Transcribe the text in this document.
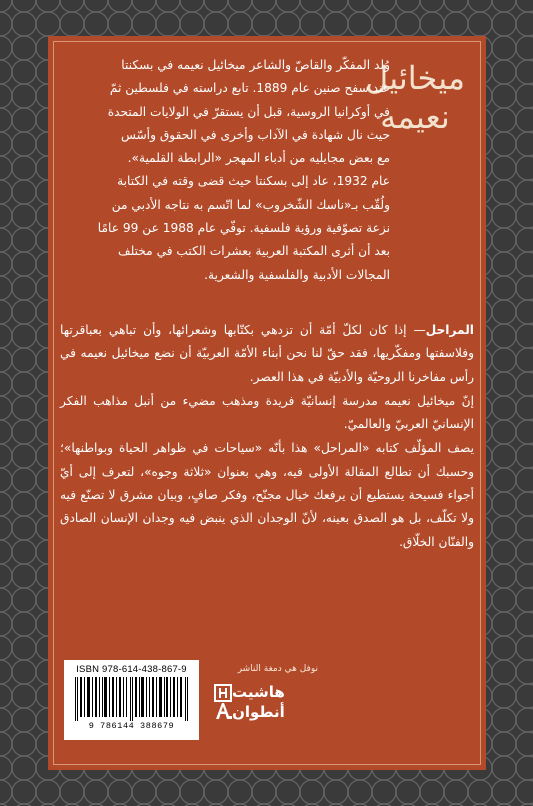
ميخائيل
نعيمه

وُلد المفكّر والقاصّ والشاعر ميخائيل نعيمه في بسكنتا

عند سفح صنين عام 1889. تابع دراسته في فلسطين ثمّ

في أوكرانيا الروسية، قبل أن يستقرّ في الولايات المتحدة

حيث نال شهادة في الآداب وأخرى في الحقوق وأسّس

مع بعض مجايليه من أدباء المهجر «الرابطة القلمية».

عام 1932، عاد إلى بسكنتا حيث قضى وقته في الكتابة

ولُقّب بـ«ناسك الشّخروب» لما اتّسم به نتاجه الأدبي من

نزعة تصوّفية ورؤية فلسفية. توفّي عام 1988 عن 99 عامًا

بعد أن أثرى المكتبة العربية بعشرات الكتب في مختلف

المجالات الأدبية والفلسفية والشعرية.

المراحل— إذا كان لكلّ أمّة أن تزدهي بكتّابها وشعرائها، وأن تباهي بعباقرتها وفلاسفتها ومفكّريها، فقد حقّ لنا نحن أبناء الأمّة العربيّة أن نضع ميخائيل نعيمه في رأس مفاخرنا الروحيّة والأدبيّة في هذا العصر.

إنّ ميخائيل نعيمه مدرسة إنسانيّة فريدة ومذهب مضيء من أنبل مذاهب الفكر الإنسانيّ العربيّ والعالميّ.

يصف المؤلّف كتابه «المراحل» هذا بأنّه «سياحات في ظواهر الحياة وبواطنها»؛ وحسبك أن تطالع المقالة الأولى فيه، وهي بعنوان «ثلاثة وجوه»، لتعرف إلى أيّ أجواء فسيحة يستطيع أن يرفعك خيال مجنّح، وفكر صافٍ، وبيان مشرق لا تصنّع فيه ولا تكلّف، بل هو الصدق بعينه، لأنّ الوجدان الذي ينبض فيه وجدان الإنسان الصادق والفنّان الخلّاق.

ISBN 978-614-438-867-9
9 786144 388679
نوفل هي دمغة الناشر
هاشيت
أنطوان
